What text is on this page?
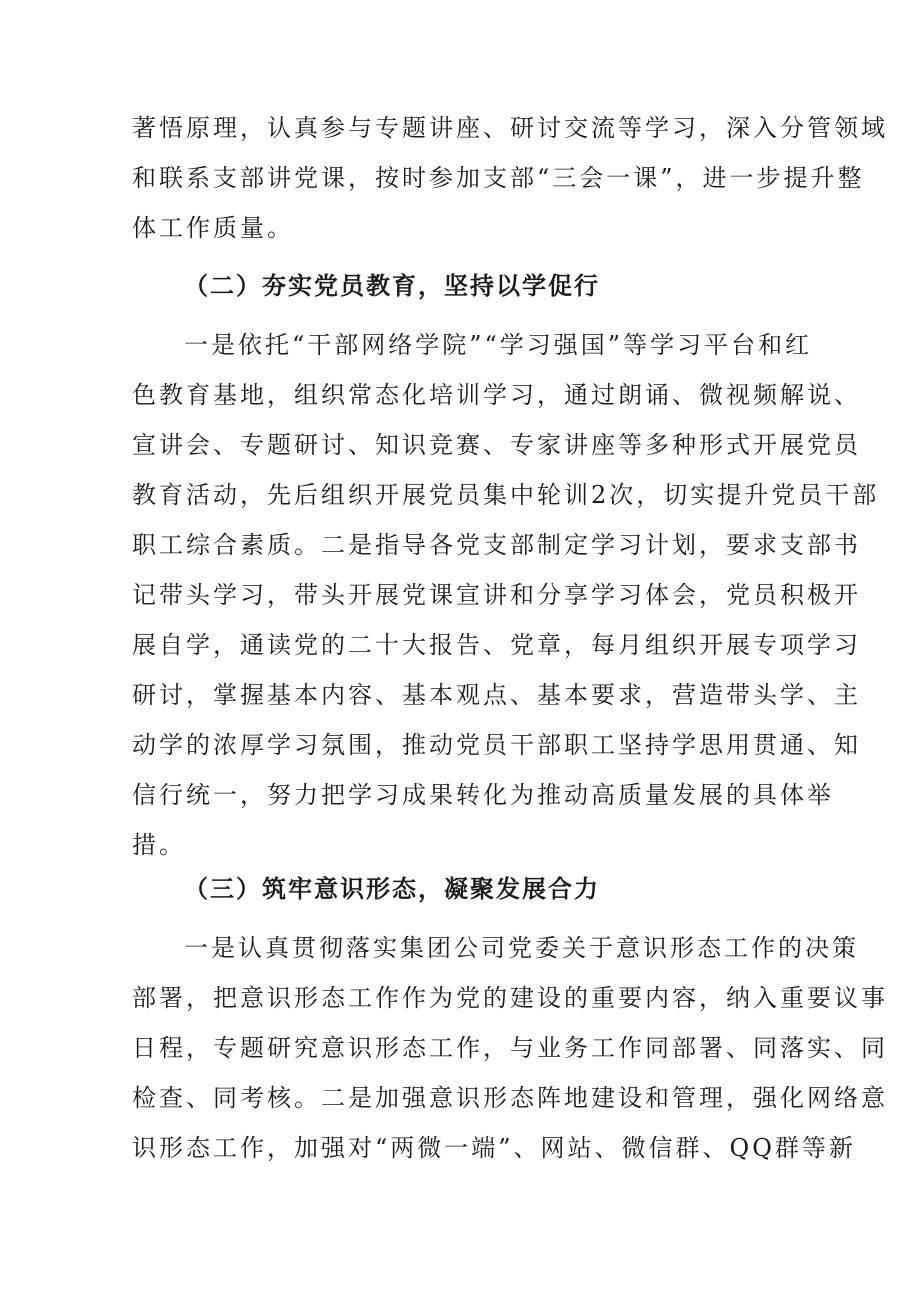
著悟原理，认真参与专题讲座、研讨交流等学习，深入分管领域
和联系支部讲党课，按时参加支部“三会一课”，进一步提升整
体工作质量。
（二）夯实党员教育，坚持以学促行
一是依托“干部网络学院”“学习强国”等学习平台和红
色教育基地，组织常态化培训学习，通过朗诵、微视频解说、
宣讲会、专题研讨、知识竞赛、专家讲座等多种形式开展党员
教育活动，先后组织开展党员集中轮训2次，切实提升党员干部
职工综合素质。二是指导各党支部制定学习计划，要求支部书
记带头学习，带头开展党课宣讲和分享学习体会，党员积极开
展自学，通读党的二十大报告、党章，每月组织开展专项学习
研讨，掌握基本内容、基本观点、基本要求，营造带头学、主
动学的浓厚学习氛围，推动党员干部职工坚持学思用贯通、知
信行统一，努力把学习成果转化为推动高质量发展的具体举
措。
（三）筑牢意识形态，凝聚发展合力
一是认真贯彻落实集团公司党委关于意识形态工作的决策
部署，把意识形态工作作为党的建设的重要内容，纳入重要议事
日程，专题研究意识形态工作，与业务工作同部署、同落实、同
检查、同考核。二是加强意识形态阵地建设和管理，强化网络意
识形态工作，加强对“两微一端”、网站、微信群、QQ群等新
